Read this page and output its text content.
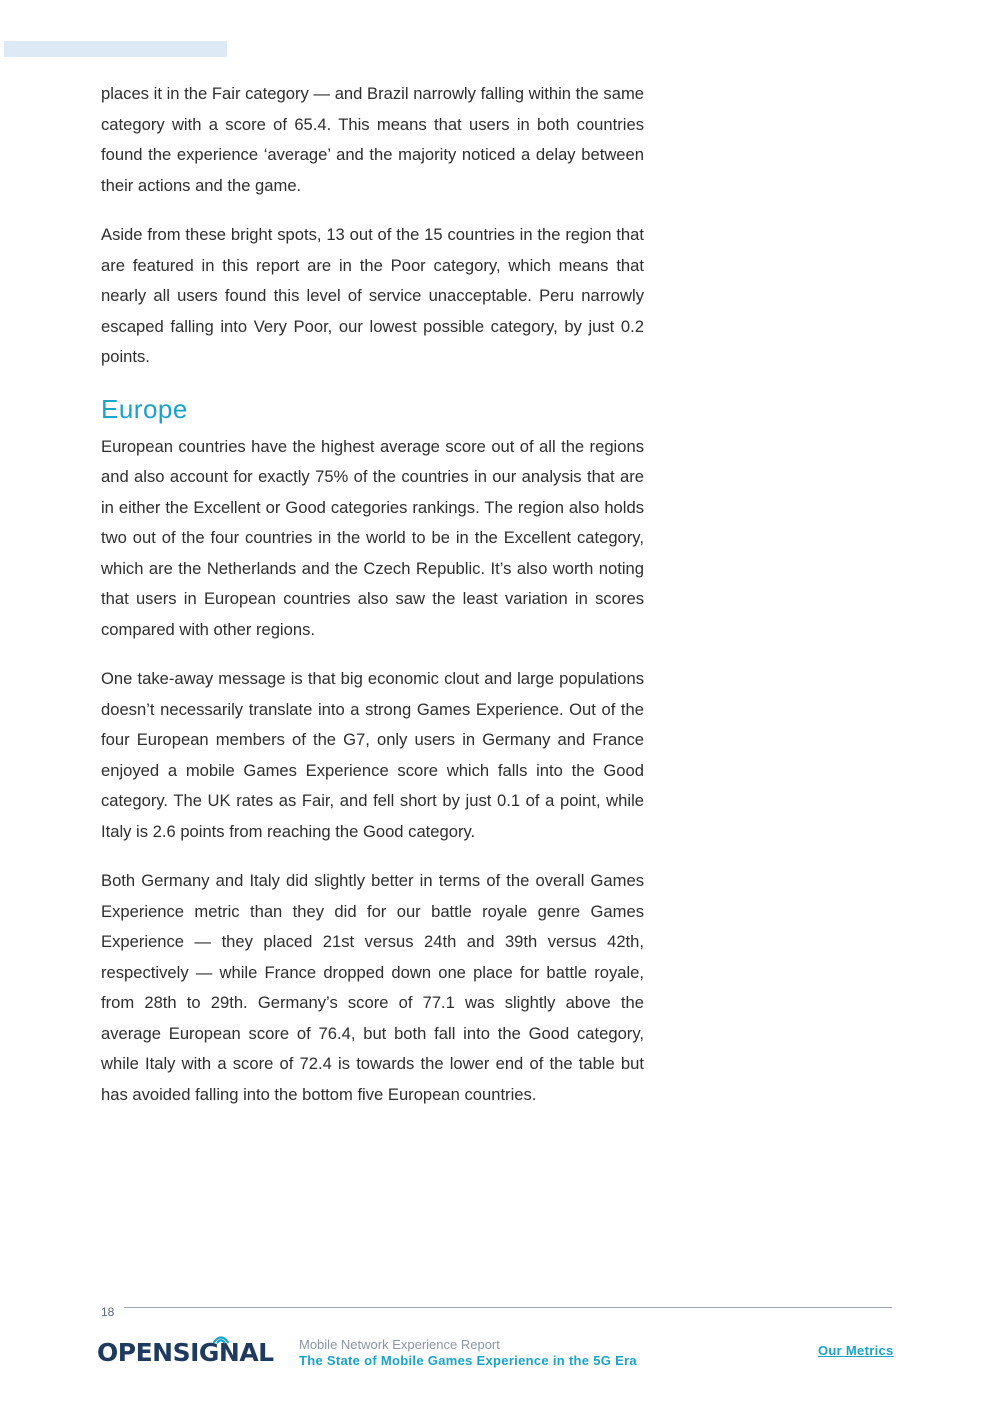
places it in the Fair category — and Brazil narrowly falling within the same category with a score of 65.4. This means that users in both countries found the experience ‘average’ and the majority noticed a delay between their actions and the game.

Aside from these bright spots, 13 out of the 15 countries in the region that are featured in this report are in the Poor category, which means that nearly all users found this level of service unacceptable. Peru narrowly escaped falling into Very Poor, our lowest possible category, by just 0.2 points.

Europe

European countries have the highest average score out of all the regions and also account for exactly 75% of the countries in our analysis that are in either the Excellent or Good categories rankings. The region also holds two out of the four countries in the world to be in the Excellent category, which are the Netherlands and the Czech Republic. It’s also worth noting that users in European countries also saw the least variation in scores compared with other regions.

One take-away message is that big economic clout and large populations doesn’t necessarily translate into a strong Games Experience. Out of the four European members of the G7, only users in Germany and France enjoyed a mobile Games Experience score which falls into the Good category. The UK rates as Fair, and fell short by just 0.1 of a point, while Italy is 2.6 points from reaching the Good category.

Both Germany and Italy did slightly better in terms of the overall Games Experience metric than they did for our battle royale genre Games Experience — they placed 21st versus 24th and 39th versus 42th, respectively — while France dropped down one place for battle royale, from 28th to 29th. Germany’s score of 77.1 was slightly above the average European score of 76.4, but both fall into the Good category, while Italy with a score of 72.4 is towards the lower end of the table but has avoided falling into the bottom five European countries.

18
OPENSIGNAL Mobile Network Experience Report
The State of Mobile Games Experience in the 5G Era
Our Metrics
